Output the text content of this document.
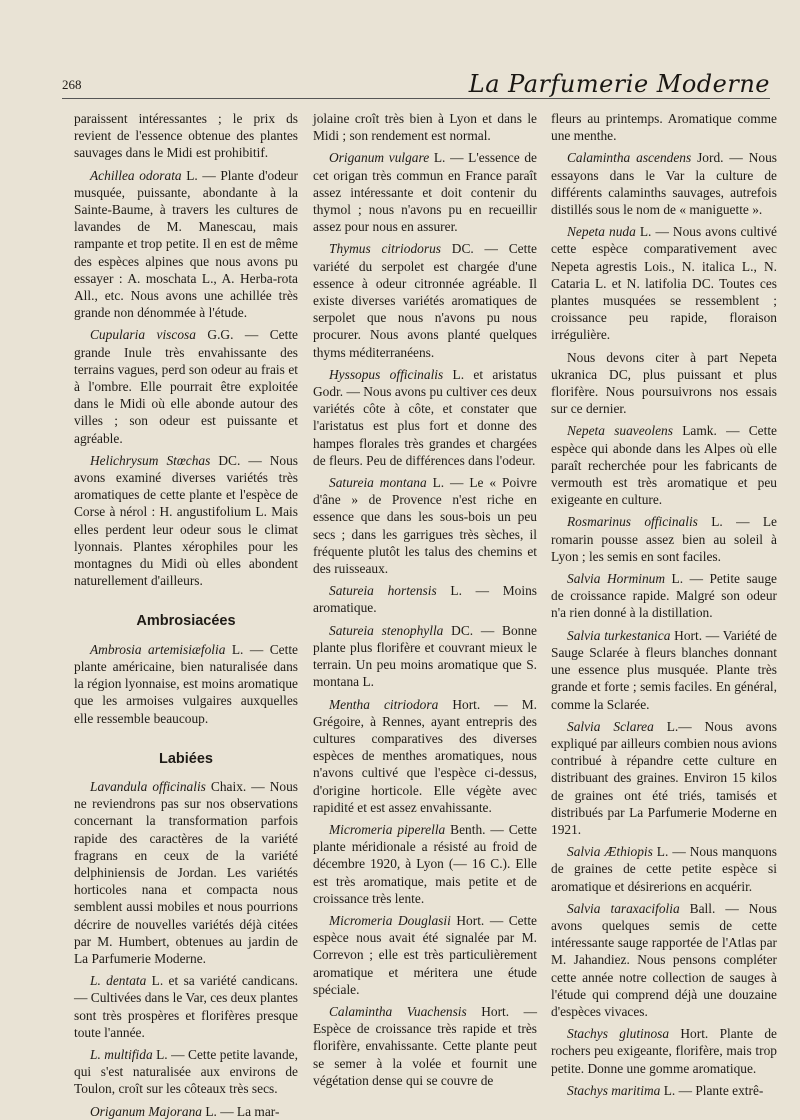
268	La Parfumerie Moderne

paraissent intéressantes ; le prix ds revient de l'essence obtenue des plantes sauvages dans le Midi est prohibitif.

Achillea odorata L. — Plante d'odeur musquée, puissante, abondante à la Sainte-Baume, à travers les cultures de lavandes de M. Manescau, mais rampante et trop petite. Il en est de même des espèces alpines que nous avons pu essayer : A. moschata L., A. Herba-rota All., etc. Nous avons une achillée très grande non dénommée à l'étude.

Cupularia viscosa G.G. — Cette grande Inule très envahissante des terrains vagues, perd son odeur au frais et à l'ombre. Elle pourrait être exploitée dans le Midi où elle abonde autour des villes ; son odeur est puissante et agréable.

Helichrysum Stœchas DC. — Nous avons examiné diverses variétés très aromatiques de cette plante et l'espèce de Corse à nérol : H. angustifolium L. Mais elles perdent leur odeur sous le climat lyonnais. Plantes xérophiles pour les montagnes du Midi où elles abondent naturellement d'ailleurs.

Ambrosiacées

Ambrosia artemisiæfolia L. — Cette plante américaine, bien naturalisée dans la région lyonnaise, est moins aromatique que les armoises vulgaires auxquelles elle ressemble beaucoup.

Labiées

Lavandula officinalis Chaix. — Nous ne reviendrons pas sur nos observations concernant la transformation parfois rapide des caractères de la variété fragrans en ceux de la variété delphiniensis de Jordan. Les variétés horticoles nana et compacta nous semblent aussi mobiles et nous pourrions décrire de nouvelles variétés déjà citées par M. Humbert, obtenues au jardin de La Parfumerie Moderne.

L. dentata L. et sa variété candicans. — Cultivées dans le Var, ces deux plantes sont très prospères et florifères presque toute l'année.

L. multifida L. — Cette petite lavande, qui s'est naturalisée aux environs de Toulon, croît sur les côteaux très secs.

Origanum Majorana L. — La mar-

jolaine croît très bien à Lyon et dans le Midi ; son rendement est normal.

Origanum vulgare L. — L'essence de cet origan très commun en France paraît assez intéressante et doit contenir du thymol ; nous n'avons pu en recueillir assez pour nous en assurer.

Thymus citriodorus DC. — Cette variété du serpolet est chargée d'une essence à odeur citronnée agréable. Il existe diverses variétés aromatiques de serpolet que nous n'avons pu nous procurer. Nous avons planté quelques thyms méditerranéens.

Hyssopus officinalis L. et aristatus Godr. — Nous avons pu cultiver ces deux variétés côte à côte, et constater que l'aristatus est plus fort et donne des hampes florales très grandes et chargées de fleurs. Peu de différences dans l'odeur.

Satureia montana L. — Le « Poivre d'âne » de Provence n'est riche en essence que dans les sous-bois un peu secs ; dans les garrigues très sèches, il fréquente plutôt les talus des chemins et des ruisseaux.

Satureia hortensis L. — Moins aromatique.

Satureia stenophylla DC. — Bonne plante plus florifère et couvrant mieux le terrain. Un peu moins aromatique que S. montana L.

Mentha citriodora Hort. — M. Grégoire, à Rennes, ayant entrepris des cultures comparatives des diverses espèces de menthes aromatiques, nous n'avons cultivé que l'espèce ci-dessus, d'origine horticole. Elle végète avec rapidité et est assez envahissante.

Micromeria piperella Benth. — Cette plante méridionale a résisté au froid de décembre 1920, à Lyon (— 16 C.). Elle est très aromatique, mais petite et de croissance très lente.

Micromeria Douglasii Hort. — Cette espèce nous avait été signalée par M. Correvon ; elle est très particulièrement aromatique et méritera une étude spéciale.

Calamintha Vuachensis Hort. — Espèce de croissance très rapide et très florifère, envahissante. Cette plante peut se semer à la volée et fournit une végétation dense qui se couvre de

fleurs au printemps. Aromatique comme une menthe.

Calamintha ascendens Jord. — Nous essayons dans le Var la culture de différents calaminths sauvages, autrefois distillés sous le nom de « maniguette ».

Nepeta nuda L. — Nous avons cultivé cette espèce comparativement avec Nepeta agrestis Lois., N. italica L., N. Cataria L. et N. latifolia DC. Toutes ces plantes musquées se ressemblent ; croissance peu rapide, floraison irrégulière.

Nous devons citer à part Nepeta ukranica DC, plus puissant et plus florifère. Nous poursuivrons nos essais sur ce dernier.

Nepeta suaveolens Lamk. — Cette espèce qui abonde dans les Alpes où elle paraît recherchée pour les fabricants de vermouth est très aromatique et peu exigeante en culture.

Rosmarinus officinalis L. — Le romarin pousse assez bien au soleil à Lyon ; les semis en sont faciles.

Salvia Horminum L. — Petite sauge de croissance rapide. Malgré son odeur n'a rien donné à la distillation.

Salvia turkestanica Hort. — Variété de Sauge Sclarée à fleurs blanches donnant une essence plus musquée. Plante très grande et forte ; semis faciles. En général, comme la Sclarée.

Salvia Sclarea L.— Nous avons expliqué par ailleurs combien nous avions contribué à répandre cette culture en distribuant des graines. Environ 15 kilos de graines ont été triés, tamisés et distribués par La Parfumerie Moderne en 1921.

Salvia Æthiopis L. — Nous manquons de graines de cette petite espèce si aromatique et désirerions en acquérir.

Salvia taraxacifolia Ball. — Nous avons quelques semis de cette intéressante sauge rapportée de l'Atlas par M. Jahandiez. Nous pensons compléter cette année notre collection de sauges à l'étude qui comprend déjà une douzaine d'espèces vivaces.

Stachys glutinosa Hort. Plante de rochers peu exigeante, florifère, mais trop petite. Donne une gomme aromatique.

Stachys maritima L. — Plante extrê-
